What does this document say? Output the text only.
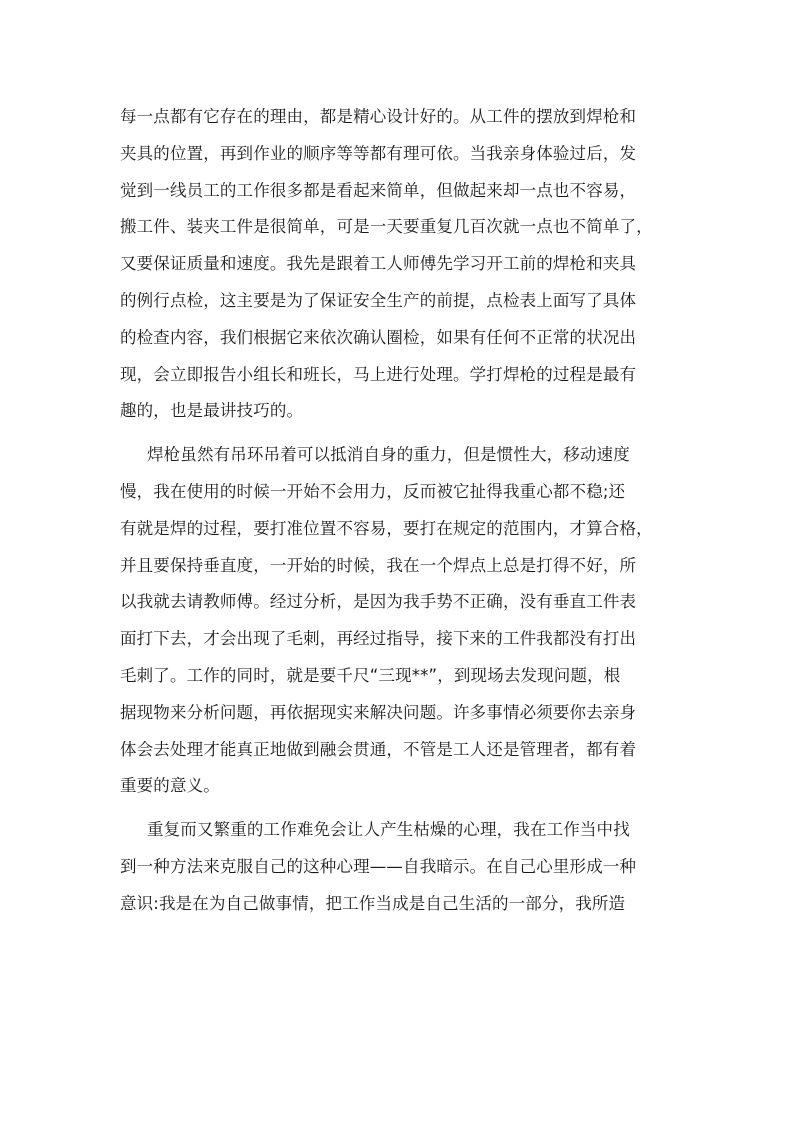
每一点都有它存在的理由，都是精心设计好的。从工件的摆放到焊枪和
夹具的位置，再到作业的顺序等等都有理可依。当我亲身体验过后，发
觉到一线员工的工作很多都是看起来简单，但做起来却一点也不容易，
搬工件、装夹工件是很简单，可是一天要重复几百次就一点也不简单了，
又要保证质量和速度。我先是跟着工人师傅先学习开工前的焊枪和夹具
的例行点检，这主要是为了保证安全生产的前提，点检表上面写了具体
的检查内容，我们根据它来依次确认圈检，如果有任何不正常的状况出
现，会立即报告小组长和班长，马上进行处理。学打焊枪的过程是最有
趣的，也是最讲技巧的。
焊枪虽然有吊环吊着可以抵消自身的重力，但是惯性大，移动速度
慢，我在使用的时候一开始不会用力，反而被它扯得我重心都不稳;还
有就是焊的过程，要打准位置不容易，要打在规定的范围内，才算合格，
并且要保持垂直度，一开始的时候，我在一个焊点上总是打得不好，所
以我就去请教师傅。经过分析，是因为我手势不正确，没有垂直工件表
面打下去，才会出现了毛刺，再经过指导，接下来的工件我都没有打出
毛刺了。工作的同时，就是要千尺“三现**”，到现场去发现问题，根
据现物来分析问题，再依据现实来解决问题。许多事情必须要你去亲身
体会去处理才能真正地做到融会贯通，不管是工人还是管理者，都有着
重要的意义。
重复而又繁重的工作难免会让人产生枯燥的心理，我在工作当中找
到一种方法来克服自己的这种心理——自我暗示。在自己心里形成一种
意识:我是在为自己做事情，把工作当成是自己生活的一部分，我所造
